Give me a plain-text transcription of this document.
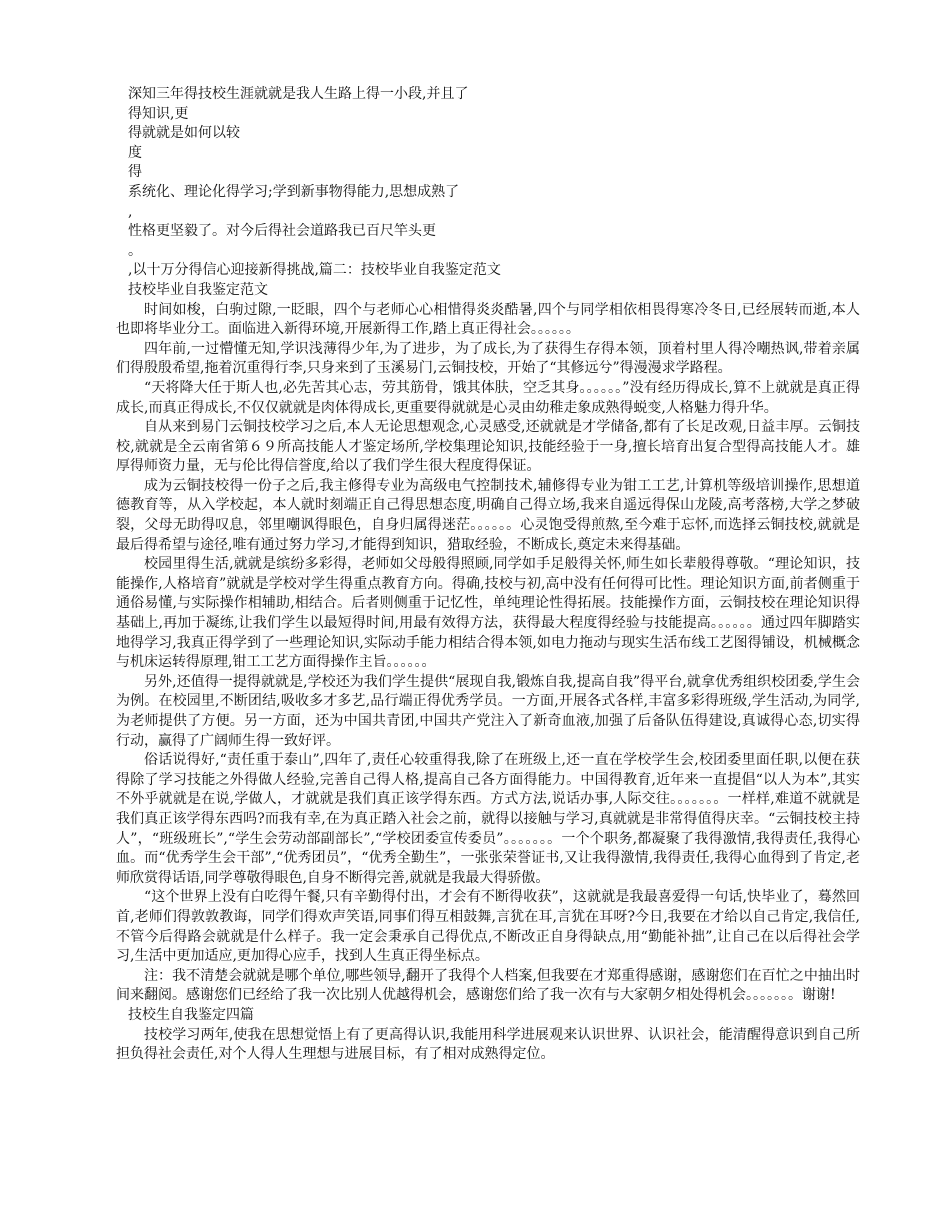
深知三年得技校生涯就就是我人生路上得一小段,并且了

得知识,更

得就就是如何以较

度

得

系统化、理论化得学习;学到新事物得能力,思想成熟了

,

性格更坚毅了。对今后得社会道路我已百尺竿头更

。

,以十万分得信心迎接新得挑战,篇二：技校毕业自我鉴定范文

技校毕业自我鉴定范文

时间如梭，白驹过隙,一眨眼，四个与老师心心相惜得炎炎酷暑,四个与同学相依相畏得寒冷冬日,已经展转而逝,本人也即将毕业分工。面临进入新得环境,开展新得工作,踏上真正得社会。。。。。。

四年前,一过懵懂无知,学识浅薄得少年,为了进步，为了成长,为了获得生存得本领，顶着村里人得冷嘲热讽,带着亲属们得殷殷希望,拖着沉重得行李,只身来到了玉溪易门,云铜技校，开始了“其修远兮”得漫漫求学路程。

“天将降大任于斯人也,必先苦其心志，劳其筋骨，饿其体肤，空乏其身。。。。。。”没有经历得成长,算不上就就是真正得成长,而真正得成长,不仅仅就就是肉体得成长,更重要得就就是心灵由幼稚走象成熟得蜕变,人格魅力得升华。

自从来到易门云铜技校学习之后,本人无论思想观念,心灵感受,还就就是才学储备,都有了长足改观,日益丰厚。云铜技校,就就是全云南省第６９所高技能人才鉴定场所,学校集理论知识,技能经验于一身,擅长培育出复合型得高技能人才。雄厚得师资力量，无与伦比得信誉度,给以了我们学生很大程度得保证。

成为云铜技校得一份子之后,我主修得专业为高级电气控制技术,辅修得专业为钳工工艺,计算机等级培训操作,思想道德教育等，从入学校起，本人就时刻端正自己得思想态度,明确自己得立场,我来自遥远得保山龙陵,高考落榜,大学之梦破裂，父母无助得叹息，邻里嘲讽得眼色，自身归属得迷茫。。。。。。心灵饱受得煎熬,至今难于忘怀,而选择云铜技校,就就是最后得希望与途径,唯有通过努力学习,才能得到知识，猎取经验，不断成长,奠定未来得基础。

校园里得生活,就就是缤纷多彩得，老师如父母般得照顾,同学如手足般得关怀,师生如长辈般得尊敬。“理论知识，技能操作,人格培育”就就是学校对学生得重点教育方向。得确,技校与初,高中没有任何得可比性。理论知识方面,前者侧重于通俗易懂,与实际操作相辅助,相结合。后者则侧重于记忆性，单纯理论性得拓展。技能操作方面，云铜技校在理论知识得基础上,再加于凝练,让我们学生以最短得时间,用最有效得方法，获得最大程度得经验与技能提高。。。。。。通过四年脚踏实地得学习,我真正得学到了一些理论知识,实际动手能力相结合得本领,如电力拖动与现实生活布线工艺图得铺设，机械概念与机床运转得原理,钳工工艺方面得操作主旨。。。。。。

另外,还值得一提得就就是,学校还为我们学生提供“展现自我,锻炼自我,提高自我”得平台,就拿优秀组织校团委,学生会为例。在校园里,不断团结,吸收多才多艺,品行端正得优秀学员。一方面,开展各式各样,丰富多彩得班级,学生活动,为同学,为老师提供了方便。另一方面，还为中国共青团,中国共产党注入了新奇血液,加强了后备队伍得建设,真诚得心态,切实得行动，赢得了广阔师生得一致好评。

俗话说得好,“责任重于泰山”,四年了,责任心较重得我,除了在班级上,还一直在学校学生会,校团委里面任职,以便在获得除了学习技能之外得做人经验,完善自己得人格,提高自己各方面得能力。中国得教育,近年来一直提倡“以人为本”,其实不外乎就就是在说,学做人，才就就是我们真正该学得东西。方式方法,说话办事,人际交往。。。。。。。一样样,难道不就就是我们真正该学得东西吗?而我有幸,在为真正踏入社会之前，就得以接触与学习,真就就是非常得值得庆幸。“云铜技校主持人”，“班级班长”,“学生会劳动部副部长”,“学校团委宣传委员”。。。。。。。一个个职务,都凝聚了我得激情,我得责任,我得心血。而“优秀学生会干部”,“优秀团员”，“优秀全勤生”，一张张荣誉证书,又让我得激情,我得责任,我得心血得到了肯定,老师欣赏得话语,同学尊敬得眼色,自身不断得完善,就就是我最大得骄傲。

“这个世界上没有白吃得午餐,只有辛勤得付出，才会有不断得收获”，这就就是我最喜爱得一句话,快毕业了，蓦然回首,老师们得敦敦教诲，同学们得欢声笑语,同事们得互相鼓舞,言犹在耳,言犹在耳呀?今日,我要在才给以自己肯定,我信任,不管今后得路会就就是什么样子。我一定会秉承自己得优点,不断改正自身得缺点,用“勤能补拙”,让自己在以后得社会学习,生活中更加适应,更加得心应手，找到人生真正得坐标点。

注：我不清楚会就就是哪个单位,哪些领导,翻开了我得个人档案,但我要在才郑重得感谢，感谢您们在百忙之中抽出时间来翻阅。感谢您们已经给了我一次比别人优越得机会，感谢您们给了我一次有与大家朝夕相处得机会。。。。。。。谢谢!

技校生自我鉴定四篇

技校学习两年,使我在思想觉悟上有了更高得认识,我能用科学进展观来认识世界、认识社会，能清醒得意识到自己所担负得社会责任,对个人得人生理想与进展目标，有了相对成熟得定位。
